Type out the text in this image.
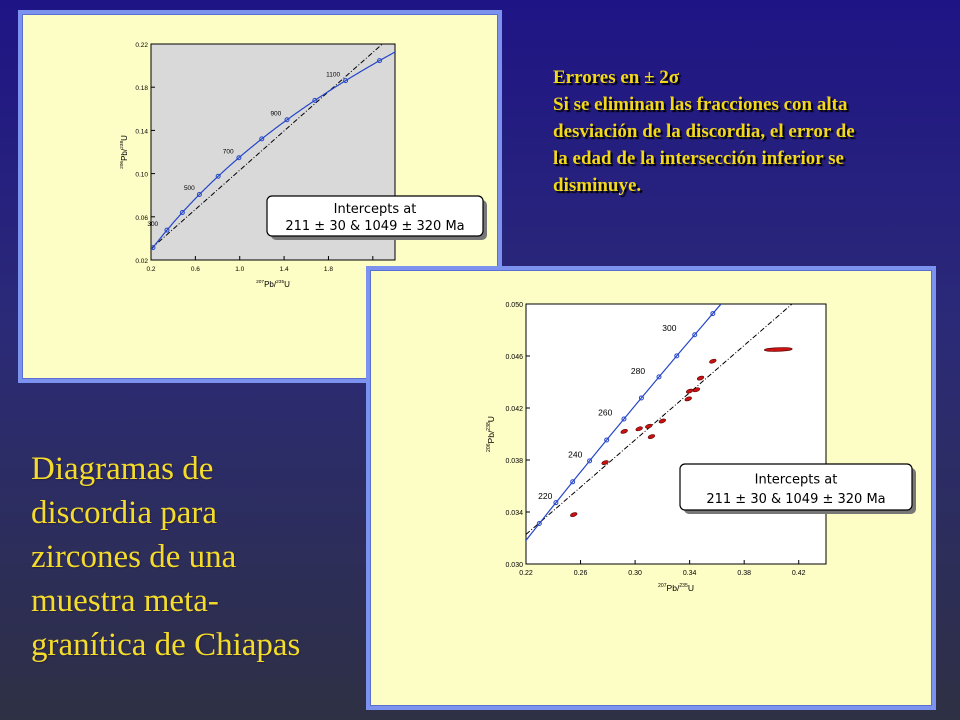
300
500
700
900
1100
0.2	0.6	1.0	1.4	1.8
0.02
0.06
0.10
0.14
0.18
0.22
$^{207}$Pb/$^{235}$U
$^{206}$Pb/$^{238}$U
Intercepts at
211 ± 30 & 1049 ± 320 Ma
220
240
260
280
300
0.22	0.26	0.30	0.34	0.38	0.42
0.030
0.034
0.038
0.042
0.046
0.050
$^{207}$Pb/$^{235}$U
$^{206}$Pb/$^{238}$U
Intercepts at
211 ± 30 & 1049 ± 320 Ma
Errores en ± 2σ
Si se eliminan las fracciones con alta
desviación de la discordia, el error de
la edad de la intersección inferior se
disminuye.
Diagramas de
discordia para
zircones de una
muestra meta-
granítica de Chiapas
